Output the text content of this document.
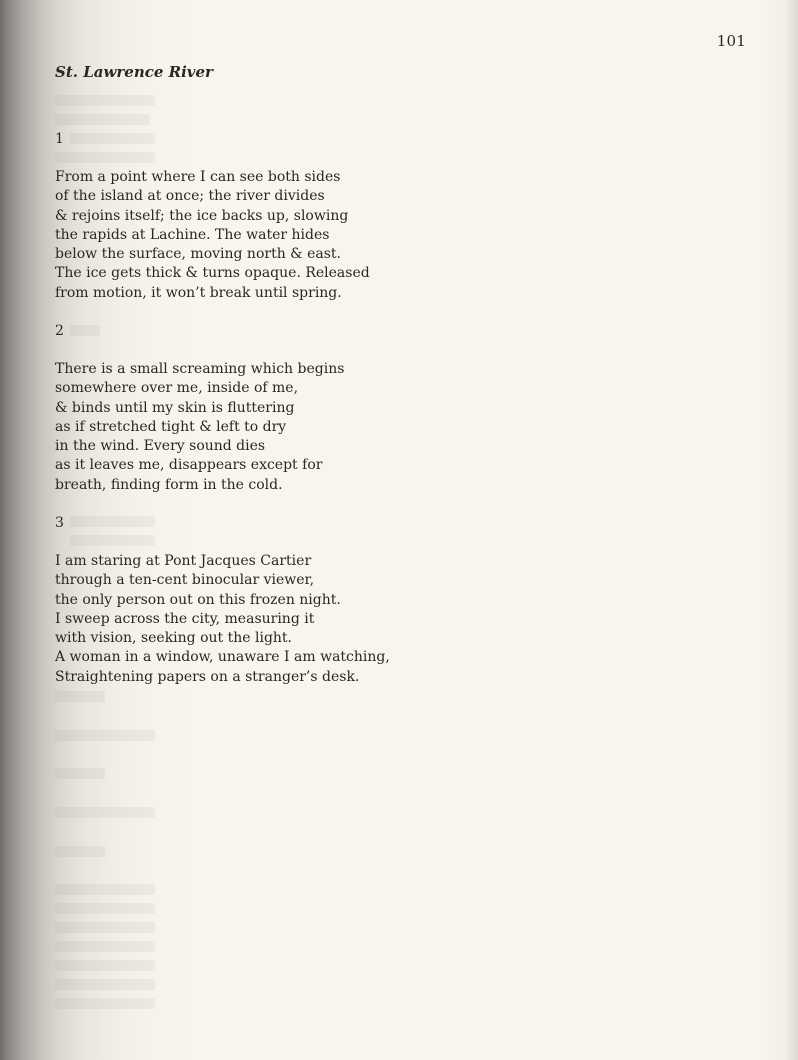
101
St. Lawrence River
1
From a point where I can see both sides
of the island at once; the river divides
& rejoins itself; the ice backs up, slowing
the rapids at Lachine. The water hides
below the surface, moving north & east.
The ice gets thick & turns opaque. Released
from motion, it won’t break until spring.
2
There is a small screaming which begins
somewhere over me, inside of me,
& binds until my skin is fluttering
as if stretched tight & left to dry
in the wind. Every sound dies
as it leaves me, disappears except for
breath, finding form in the cold.
3
I am staring at Pont Jacques Cartier
through a ten-cent binocular viewer,
the only person out on this frozen night.
I sweep across the city, measuring it
with vision, seeking out the light.
A woman in a window, unaware I am watching,
Straightening papers on a stranger’s desk.
